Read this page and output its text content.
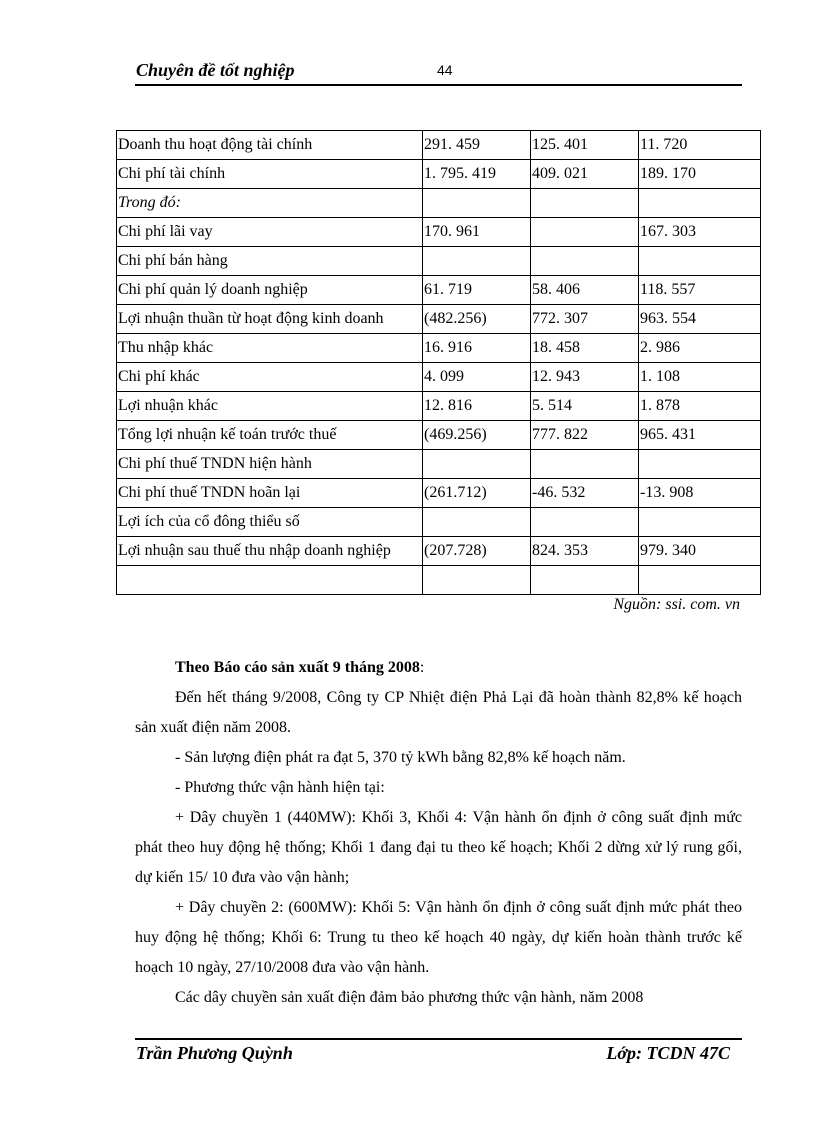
Chuyên đề tốt nghiệp	44
Doanh thu hoạt động tài chính	291. 459	125. 401	11. 720
Chi phí tài chính	1. 795. 419	409. 021	189. 170
Trong đó:			
Chi phí lãi vay	170. 961		167. 303
Chi phí bán hàng			
Chi phí quản lý doanh nghiệp	61. 719	58. 406	118. 557
Lợi nhuận thuần từ hoạt động kinh doanh	(482.256)	772. 307	963. 554
Thu nhập khác	16. 916	18. 458	2. 986
Chi phí khác	4. 099	12. 943	1. 108
Lợi nhuận khác	12. 816	5. 514	1. 878
Tổng lợi nhuận kế toán trước thuế	(469.256)	777. 822	965. 431
Chi phí thuế TNDN hiện hành			
Chi phí thuế TNDN hoãn lại	(261.712)	-46. 532	-13. 908
Lợi ích của cổ đông thiểu số			
Lợi nhuận sau thuế thu nhập doanh nghiệp	(207.728)	824. 353	979. 340

Nguồn: ssi. com. vn

Theo Báo cáo sản xuất 9 tháng 2008:

Đến hết tháng 9/2008, Công ty CP Nhiệt điện Phả Lại đã hoàn thành 82,8% kế hoạch sản xuất điện năm 2008.

- Sản lượng điện phát ra đạt 5, 370 tỷ kWh bằng 82,8% kế hoạch năm.

- Phương thức vận hành hiện tại:

+ Dây chuyền 1 (440MW): Khối 3, Khối 4: Vận hành ổn định ở công suất định mức phát theo huy động hệ thống; Khối 1 đang đại tu theo kế hoạch; Khối 2 dừng xử lý rung gối, dự kiến 15/ 10 đưa vào vận hành;

+ Dây chuyền 2: (600MW): Khối 5: Vận hành ổn định ở công suất định mức phát theo huy động hệ thống; Khối 6: Trung tu theo kế hoạch 40 ngày, dự kiến hoàn thành trước kế hoạch 10 ngày, 27/10/2008 đưa vào vận hành.

Các dây chuyền sản xuất điện đảm bảo phương thức vận hành, năm 2008

Trần Phương Quỳnh	Lớp: TCDN 47C
